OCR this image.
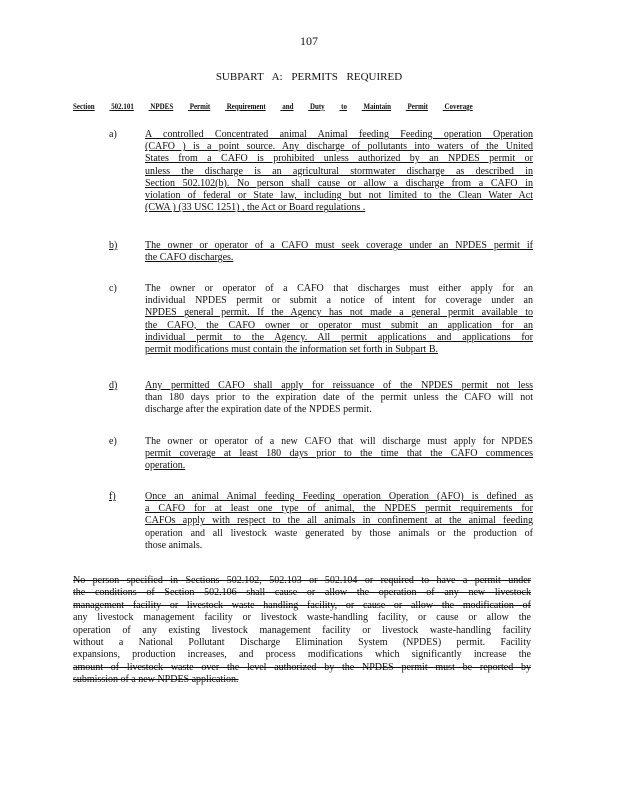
107
SUBPART A: PERMITS REQUIRED
Section 502.101 NPDES Permit Requirement and Duty to Maintain Permit Coverage
a)	A controlled Concentrated animal Animal feeding Feeding operation Operation
(CAFO ) is a point source. Any discharge of pollutants into waters of the United
States from a CAFO is prohibited unless authorized by an NPDES permit or
unless the discharge is an agricultural stormwater discharge as described in
Section 502.102(b). No person shall cause or allow a discharge from a CAFO in
violation of federal or State law, including but not limited to the Clean Water Act
(CWA ) (33 USC 1251) , the Act or Board regulations .
b)	The owner or operator of a CAFO must seek coverage under an NPDES permit if
the CAFO discharges.
c)	The owner or operator of a CAFO that discharges must either apply for an
individual NPDES permit or submit a notice of intent for coverage under an
NPDES general permit. If the Agency has not made a general permit available to
the CAFO, the CAFO owner or operator must submit an application for an
individual permit to the Agency. All permit applications and applications for
permit modifications must contain the information set forth in Subpart B.
d)	Any permitted CAFO shall apply for reissuance of the NPDES permit not less
than 180 days prior to the expiration date of the permit unless the CAFO will not
discharge after the expiration date of the NPDES permit.
e)	The owner or operator of a new CAFO that will discharge must apply for NPDES
permit coverage at least 180 days prior to the time that the CAFO commences
operation.
f)	Once an animal Animal feeding Feeding operation Operation (AFO) is defined as
a CAFO for at least one type of animal, the NPDES permit requirements for
CAFOs apply with respect to the all animals in confinement at the animal feeding
operation and all livestock waste generated by those animals or the production of
those animals.
No person specified in Sections 502.102, 502.103 or 502.104 or required to have a permit under
the conditions of Section 502.106 shall cause or allow the operation of any new livestock
management facility or livestock waste handling facility, or cause or allow the modification of
any livestock management facility or livestock waste-handling facility, or cause or allow the
operation of any existing livestock management facility or livestock waste-handling facility
without a National Pollutant Discharge Elimination System (NPDES) permit. Facility
expansions, production increases, and process modifications which significantly increase the
amount of livestock waste over the level authorized by the NPDES permit must be reported by
submission of a new NPDES application.
